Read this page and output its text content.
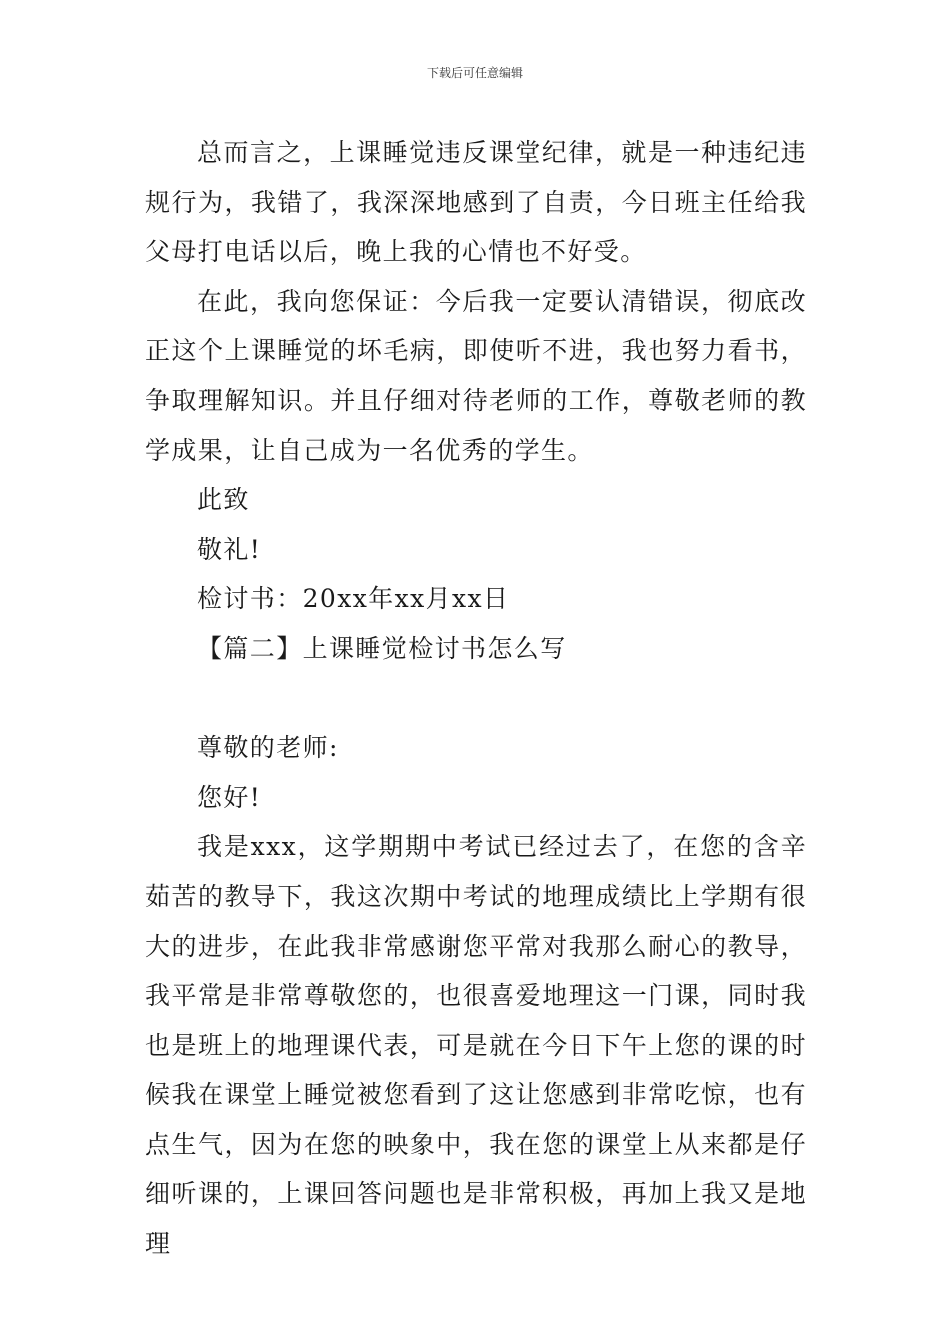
下载后可任意编辑

总而言之，上课睡觉违反课堂纪律，就是一种违纪违规行为，我错了，我深深地感到了自责，今日班主任给我父母打电话以后，晚上我的心情也不好受。

在此，我向您保证：今后我一定要认清错误，彻底改正这个上课睡觉的坏毛病，即使听不进，我也努力看书，争取理解知识。并且仔细对待老师的工作，尊敬老师的教学成果，让自己成为一名优秀的学生。

此致

敬礼!

检讨书：20xx年xx月xx日

【篇二】上课睡觉检讨书怎么写

尊敬的老师:

您好!

我是xxx，这学期期中考试已经过去了，在您的含辛茹苦的教导下，我这次期中考试的地理成绩比上学期有很大的进步，在此我非常感谢您平常对我那么耐心的教导，我平常是非常尊敬您的，也很喜爱地理这一门课，同时我也是班上的地理课代表，可是就在今日下午上您的课的时候我在课堂上睡觉被您看到了这让您感到非常吃惊，也有点生气，因为在您的映象中，我在您的课堂上从来都是仔细听课的，上课回答问题也是非常积极，再加上我又是地理
